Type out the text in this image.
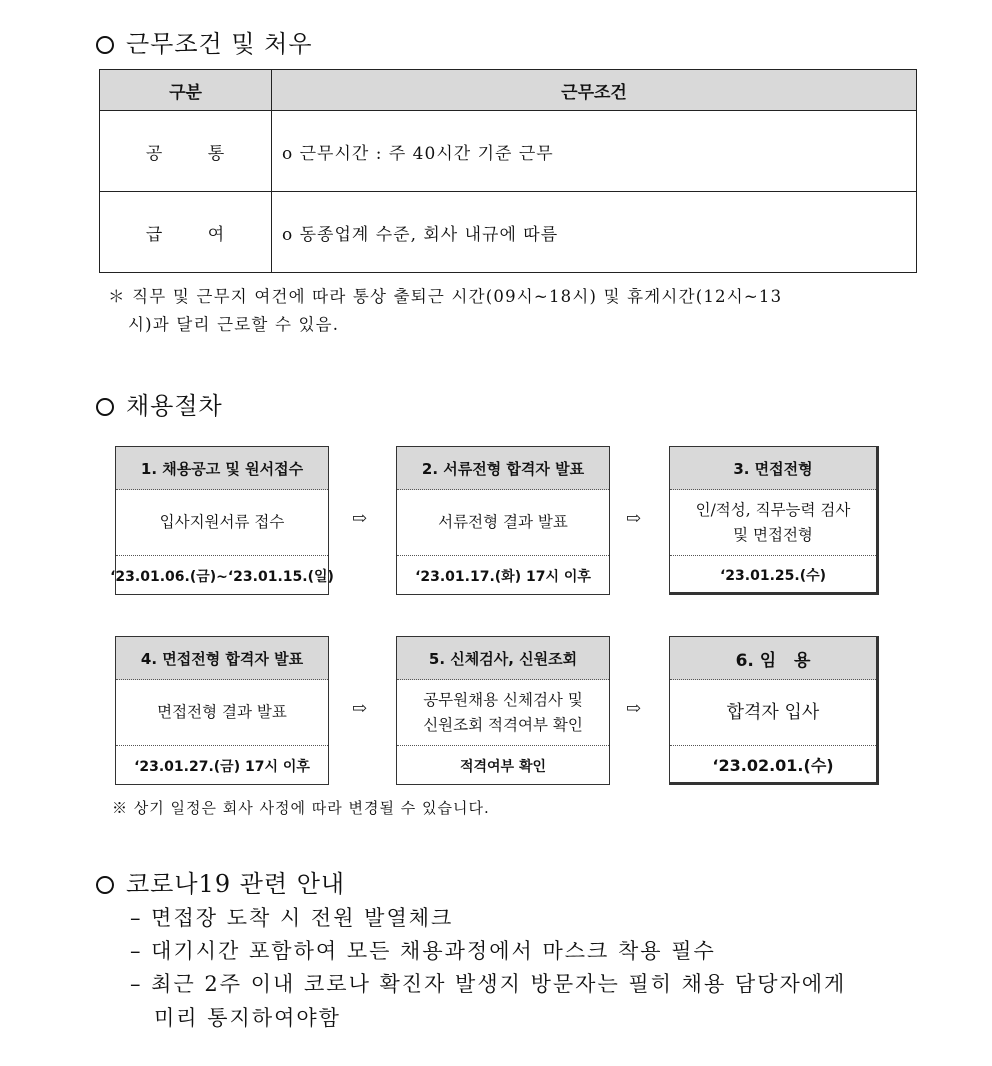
근무조건 및 처우
구분	근무조건
공 통	o 근무시간 : 주 40시간 기준 근무
급 여	o 동종업계 수준, 회사 내규에 따름
＊ 직무 및 근무지 여건에 따라 통상 출퇴근 시간(09시~18시) 및 휴게시간(12시~13
시)과 달리 근로할 수 있음.
채용절차
1. 채용공고 및 원서접수
입사지원서류 접수
‘23.01.06.(금)~‘23.01.15.(일)
⇨
2. 서류전형 합격자 발표
서류전형 결과 발표
‘23.01.17.(화) 17시 이후
⇨
3. 면접전형
인/적성, 직무능력 검사
및 면접전형
‘23.01.25.(수)
4. 면접전형 합격자 발표
면접전형 결과 발표
‘23.01.27.(금) 17시 이후
⇨
5. 신체검사, 신원조회
공무원채용 신체검사 및
신원조회 적격여부 확인
적격여부 확인
⇨
6. 임   용
합격자 입사
‘23.02.01.(수)
※ 상기 일정은 회사 사정에 따라 변경될 수 있습니다.
코로나19 관련 안내
– 면접장 도착 시 전원 발열체크
– 대기시간 포함하여 모든 채용과정에서 마스크 착용 필수
– 최근 2주 이내 코로나 확진자 발생지 방문자는 필히 채용 담당자에게
미리 통지하여야함
